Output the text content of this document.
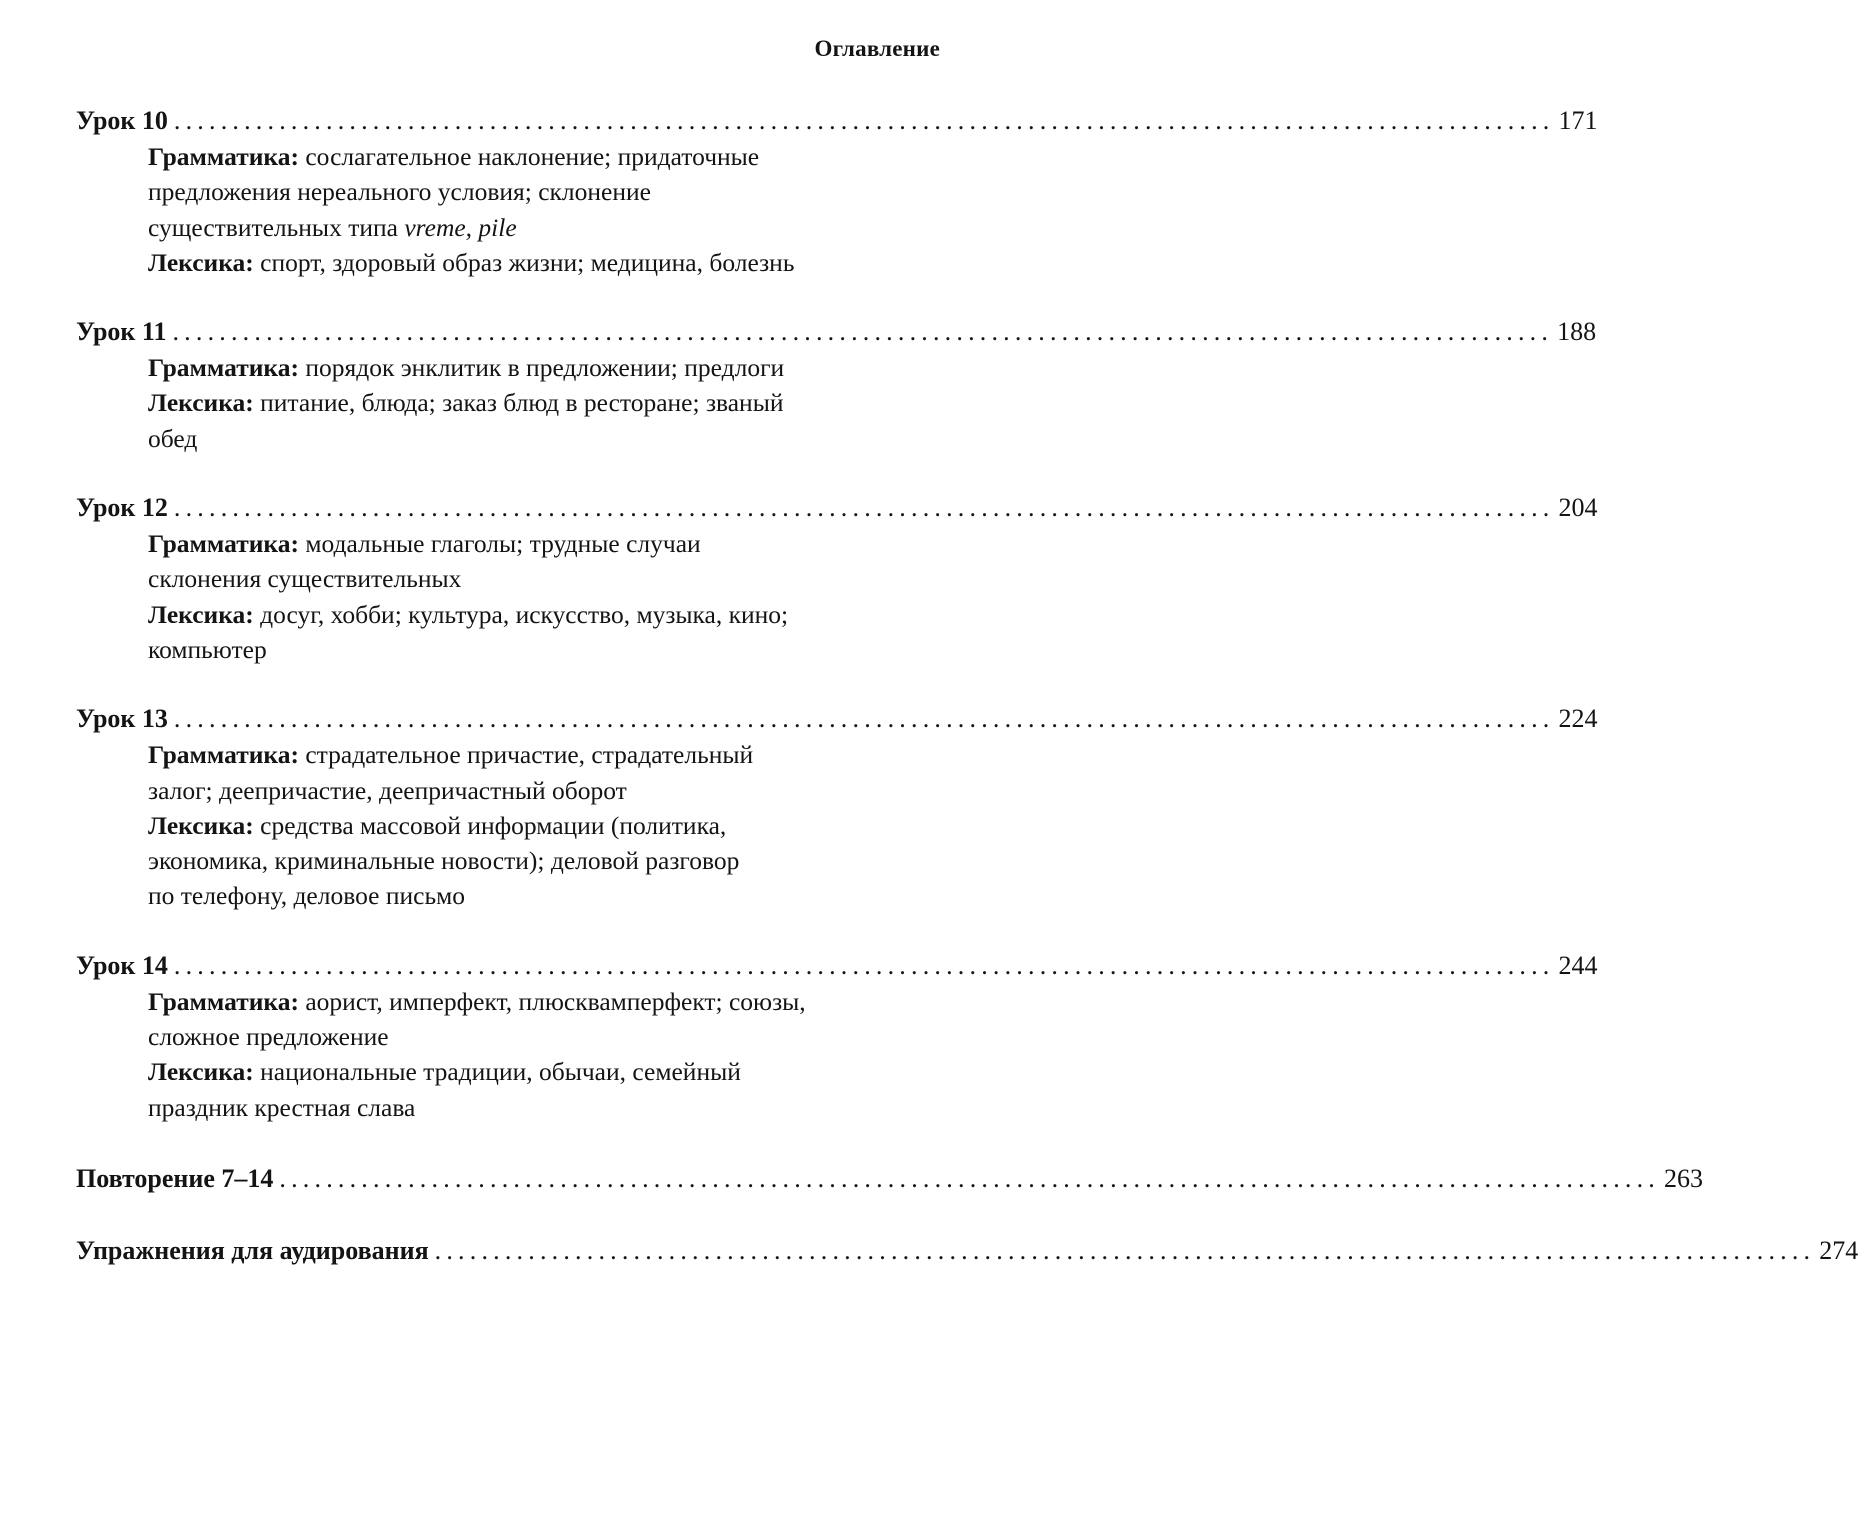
Оглавление
Урок 10 ...................................................................................................................... 171
Грамматика: сослагательное наклонение; придаточные
предложения нереального условия; склонение
существительных типа vreme, pile
Лексика: спорт, здоровый образ жизни; медицина, болезнь
Урок 11 ...................................................................................................................... 188
Грамматика: порядок энклитик в предложении; предлоги
Лексика: питание, блюда; заказ блюд в ресторане; званый
обед
Урок 12 ...................................................................................................................... 204
Грамматика: модальные глаголы; трудные случаи
склонения существительных
Лексика: досуг, хобби; культура, искусство, музыка, кино;
компьютер
Урок 13 ...................................................................................................................... 224
Грамматика: страдательное причастие, страдательный
залог; деепричастие, деепричастный оборот
Лексика: средства массовой информации (политика,
экономика, криминальные новости); деловой разговор
по телефону, деловое письмо
Урок 14 ...................................................................................................................... 244
Грамматика: аорист, имперфект, плюсквамперфект; союзы,
сложное предложение
Лексика: национальные традиции, обычаи, семейный
праздник крестная слава
Повторение 7–14 ...................................................................................................................... 263
Упражнения для аудирования ...................................................................................................................... 274
